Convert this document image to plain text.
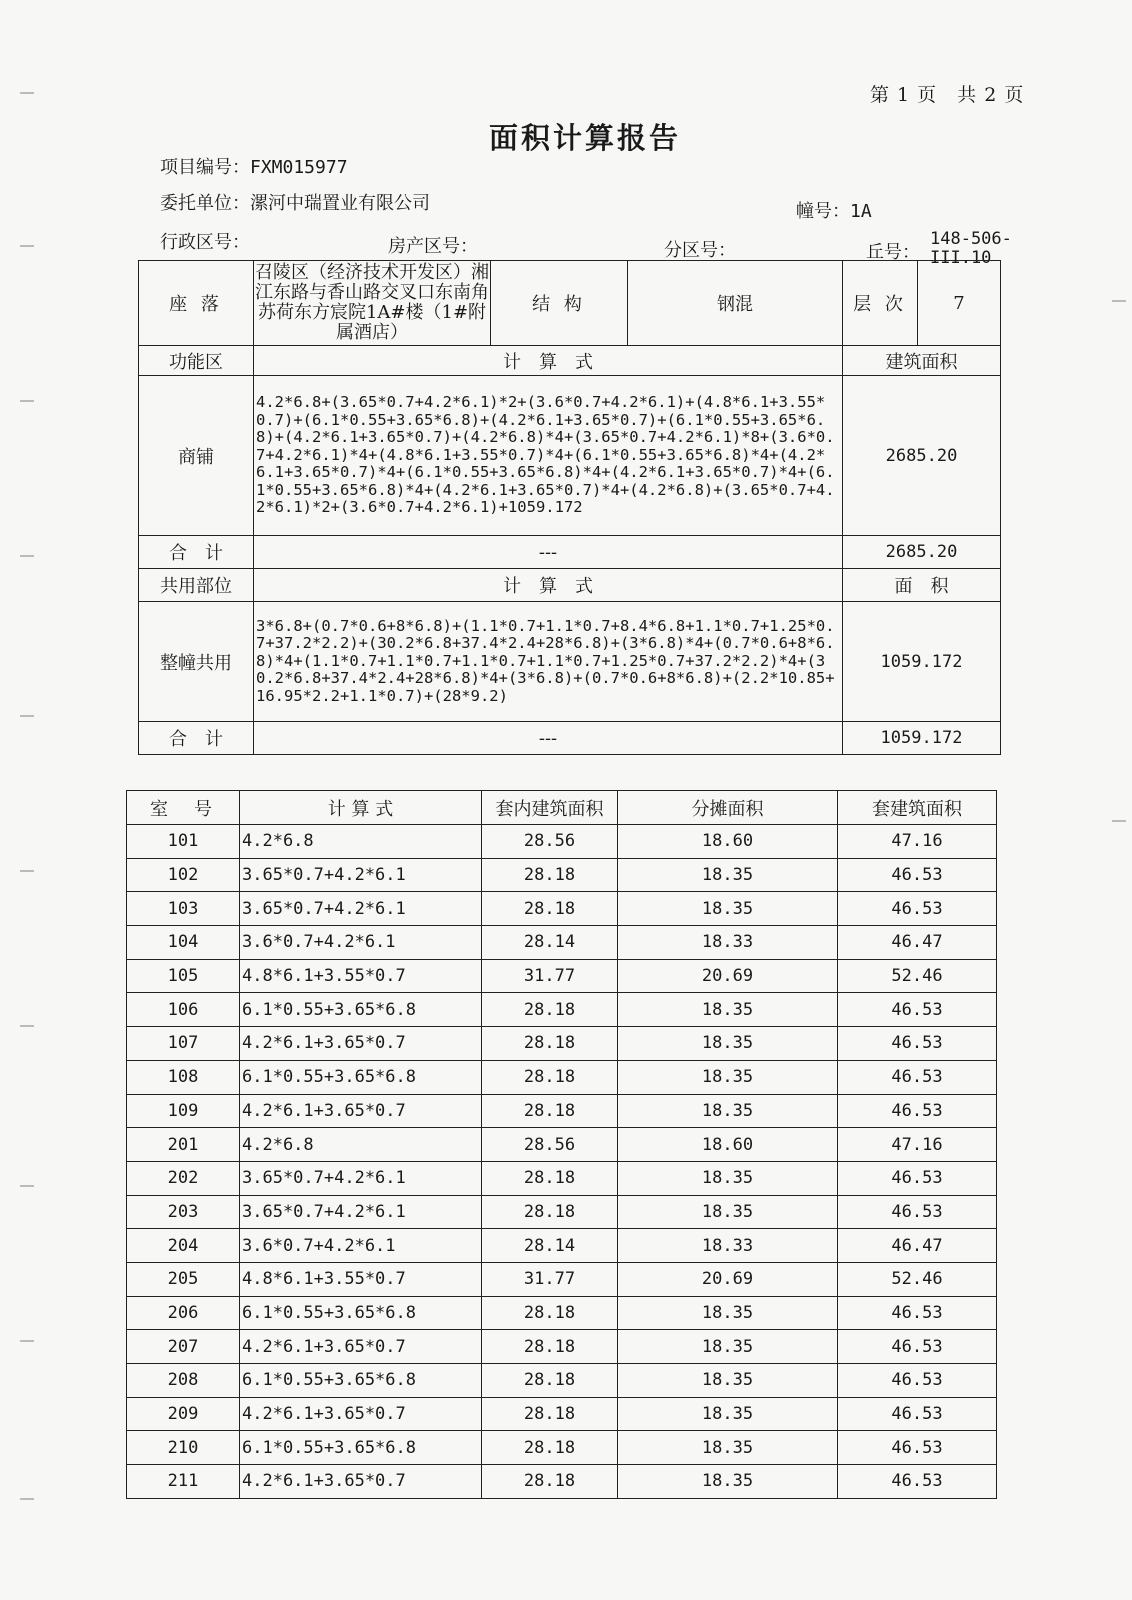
第 1 页　共 2 页
面积计算报告
项目编号：FXM015977
委托单位：漯河中瑞置业有限公司	幢号：1A
行政区号：	房产区号：	分区号：	丘号：
148-506-
III.10
座 落	召陵区（经济技术开发区）湘江东路与香山路交叉口东南角苏荷东方宸院1A#楼（1#附属酒店）	结 构	钢混	层 次	7
功能区	计　算　式			建筑面积	
商铺	4.2*6.8+(3.65*0.7+4.2*6.1)*2+(3.6*0.7+4.2*6.1)+(4.8*6.1+3.55*0.7)+(6.1*0.55+3.65*6.8)+(4.2*6.1+3.65*0.7)+(6.1*0.55+3.65*6.8)+(4.2*6.1+3.65*0.7)+(4.2*6.8)*4+(3.65*0.7+4.2*6.1)*8+(3.6*0.7+4.2*6.1)*4+(4.8*6.1+3.55*0.7)*4+(6.1*0.55+3.65*6.8)*4+(4.2*6.1+3.65*0.7)*4+(6.1*0.55+3.65*6.8)*4+(4.2*6.1+3.65*0.7)*4+(6.1*0.55+3.65*6.8)*4+(4.2*6.1+3.65*0.7)*4+(4.2*6.8)+(3.65*0.7+4.2*6.1)*2+(3.6*0.7+4.2*6.1)+1059.172			2685.20	
合　计	---			2685.20	
共用部位	计　算　式			面　积	
整幢共用	3*6.8+(0.7*0.6+8*6.8)+(1.1*0.7+1.1*0.7+8.4*6.8+1.1*0.7+1.25*0.7+37.2*2.2)+(30.2*6.8+37.4*2.4+28*6.8)+(3*6.8)*4+(0.7*0.6+8*6.8)*4+(1.1*0.7+1.1*0.7+1.1*0.7+1.1*0.7+1.25*0.7+37.2*2.2)*4+(30.2*6.8+37.4*2.4+28*6.8)*4+(3*6.8)+(0.7*0.6+8*6.8)+(2.2*10.85+16.95*2.2+1.1*0.7)+(28*9.2)			1059.172	
合　计	---			1059.172	
室　号	计 算 式	套内建筑面积	分摊面积	套建筑面积
101	4.2*6.8	28.56	18.60	47.16
102	3.65*0.7+4.2*6.1	28.18	18.35	46.53
103	3.65*0.7+4.2*6.1	28.18	18.35	46.53
104	3.6*0.7+4.2*6.1	28.14	18.33	46.47
105	4.8*6.1+3.55*0.7	31.77	20.69	52.46
106	6.1*0.55+3.65*6.8	28.18	18.35	46.53
107	4.2*6.1+3.65*0.7	28.18	18.35	46.53
108	6.1*0.55+3.65*6.8	28.18	18.35	46.53
109	4.2*6.1+3.65*0.7	28.18	18.35	46.53
201	4.2*6.8	28.56	18.60	47.16
202	3.65*0.7+4.2*6.1	28.18	18.35	46.53
203	3.65*0.7+4.2*6.1	28.18	18.35	46.53
204	3.6*0.7+4.2*6.1	28.14	18.33	46.47
205	4.8*6.1+3.55*0.7	31.77	20.69	52.46
206	6.1*0.55+3.65*6.8	28.18	18.35	46.53
207	4.2*6.1+3.65*0.7	28.18	18.35	46.53
208	6.1*0.55+3.65*6.8	28.18	18.35	46.53
209	4.2*6.1+3.65*0.7	28.18	18.35	46.53
210	6.1*0.55+3.65*6.8	28.18	18.35	46.53
211	4.2*6.1+3.65*0.7	28.18	18.35	46.53
